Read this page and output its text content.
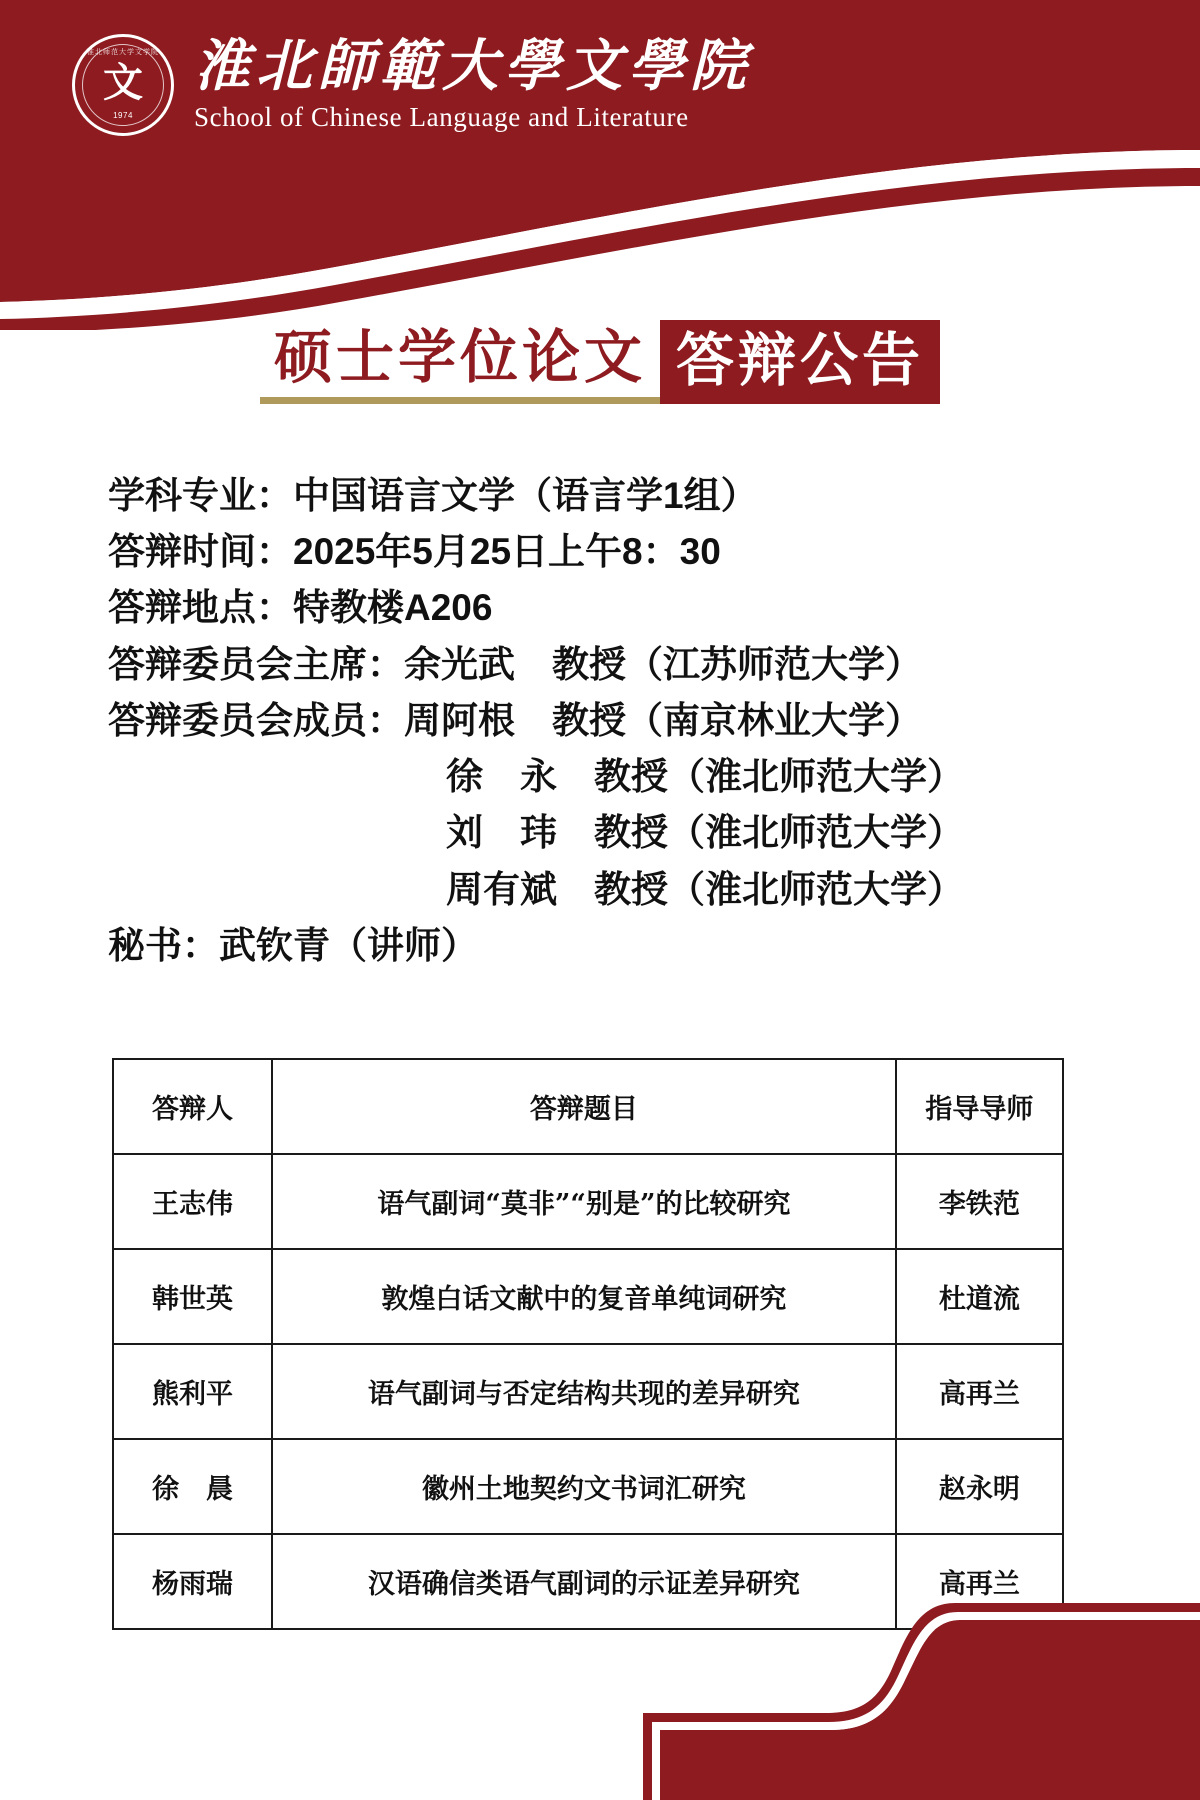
淮北师范大学文学院
文
1974
淮北師範大學文學院
School of Chinese Language and Literature
硕士学位论文 答辩公告
学科专业：中国语言文学（语言学1组）
答辩时间：2025年5月25日上午8：30
答辩地点：特教楼A206
答辩委员会主席：余光武　教授（江苏师范大学）
答辩委员会成员：周阿根　教授（南京林业大学）
徐　永　教授（淮北师范大学）
刘　玮　教授（淮北师范大学）
周有斌　教授（淮北师范大学）
秘书：武钦青（讲师）
答辩人	答辩题目	指导导师
王志伟	语气副词“莫非”“别是”的比较研究	李铁范
韩世英	敦煌白话文献中的复音单纯词研究	杜道流
熊利平	语气副词与否定结构共现的差异研究	高再兰
徐　晨	徽州土地契约文书词汇研究	赵永明
杨雨瑞	汉语确信类语气副词的示证差异研究	高再兰
